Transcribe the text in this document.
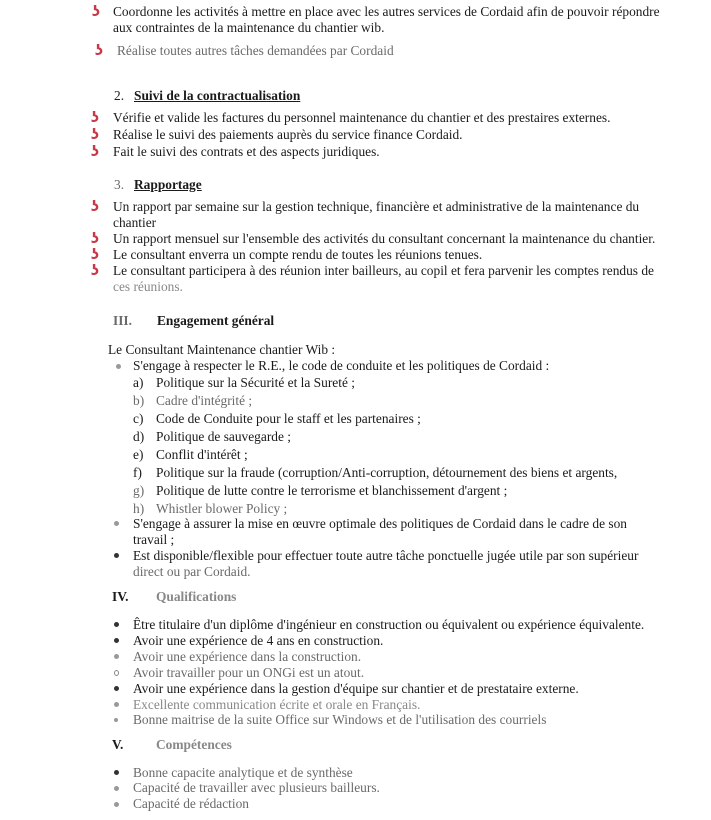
ʖ Coordonne les activités à mettre en place avec les autres services de Cordaid afin de pouvoir répondre
aux contraintes de la maintenance du chantier wib.
ʖ Réalise toutes autres tâches demandées par Cordaid
2. Suivi de la contractualisation
ʖ Vérifie et valide les factures du personnel maintenance du chantier et des prestaires externes.
ʖ Réalise le suivi des paiements auprès du service finance Cordaid.
ʖ Fait le suivi des contrats et des aspects juridiques.
3. Rapportage
ʖ Un rapport par semaine sur la gestion technique, financière et administrative de la maintenance du
chantier
ʖ Un rapport mensuel sur l'ensemble des activités du consultant concernant la maintenance du chantier.
ʖ Le consultant enverra un compte rendu de toutes les réunions tenues.
ʖ Le consultant participera à des réunion inter bailleurs, au copil et fera parvenir les comptes rendus de
ces réunions.
III. Engagement général
Le Consultant Maintenance chantier Wib :
S'engage à respecter le R.E., le code de conduite et les politiques de Cordaid :
a) Politique sur la Sécurité et la Sureté ;
b) Cadre d'intégrité ;
c) Code de Conduite pour le staff et les partenaires ;
d) Politique de sauvegarde ;
e) Conflit d'intérêt ;
f) Politique sur la fraude (corruption/Anti-corruption, détournement des biens et argents,
g) Politique de lutte contre le terrorisme et blanchissement d'argent ;
h) Whistler blower Policy ;
S'engage à assurer la mise en œuvre optimale des politiques de Cordaid dans le cadre de son
travail ;
Est disponible/flexible pour effectuer toute autre tâche ponctuelle jugée utile par son supérieur
direct ou par Cordaid.
IV. Qualifications
Être titulaire d'un diplôme d'ingénieur en construction ou équivalent ou expérience équivalente.
Avoir une expérience de 4 ans en construction.
Avoir une expérience dans la construction.
Avoir travailler pour un ONGi est un atout.
Avoir une expérience dans la gestion d'équipe sur chantier et de prestataire externe.
Excellente communication écrite et orale en Français.
Bonne maitrise de la suite Office sur Windows et de l'utilisation des courriels
V. Compétences
Bonne capacite analytique et de synthèse
Capacité de travailler avec plusieurs bailleurs.
Capacité de rédaction
